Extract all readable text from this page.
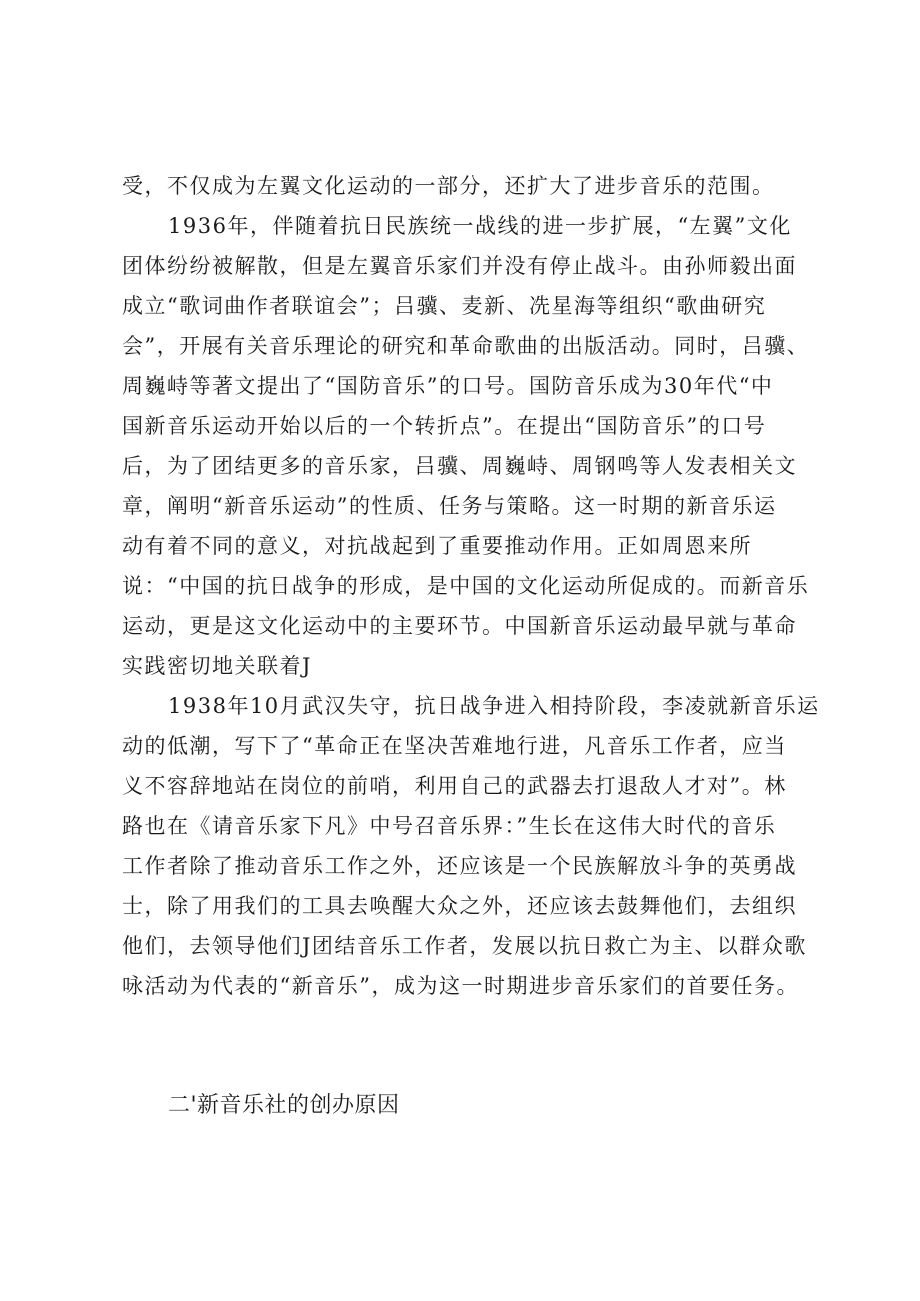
受，不仅成为左翼文化运动的一部分，还扩大了进步音乐的范围。
1936年，伴随着抗日民族统一战线的进一步扩展，“左翼”文化
团体纷纷被解散，但是左翼音乐家们并没有停止战斗。由孙师毅出面
成立“歌词曲作者联谊会”；吕骥、麦新、冼星海等组织“歌曲研究
会”，开展有关音乐理论的研究和革命歌曲的出版活动。同时，吕骥、
周巍峙等著文提出了“国防音乐”的口号。国防音乐成为30年代“中
国新音乐运动开始以后的一个转折点”。在提出“国防音乐”的口号
后，为了团结更多的音乐家，吕骥、周巍峙、周钢鸣等人发表相关文
章，阐明“新音乐运动”的性质、任务与策略。这一时期的新音乐运
动有着不同的意义，对抗战起到了重要推动作用。正如周恩来所
说：“中国的抗日战争的形成，是中国的文化运动所促成的。而新音乐
运动，更是这文化运动中的主要环节。中国新音乐运动最早就与革命
实践密切地关联着J
1938年10月武汉失守，抗日战争进入相持阶段，李凌就新音乐运
动的低潮，写下了“革命正在坚决苦难地行进，凡音乐工作者，应当
义不容辞地站在岗位的前哨，利用自己的武器去打退敌人才对”。林
路也在《请音乐家下凡》中号召音乐界：”生长在这伟大时代的音乐
工作者除了推动音乐工作之外，还应该是一个民族解放斗争的英勇战
士，除了用我们的工具去唤醒大众之外，还应该去鼓舞他们，去组织
他们，去领导他们J团结音乐工作者，发展以抗日救亡为主、以群众歌
咏活动为代表的“新音乐”，成为这一时期进步音乐家们的首要任务。
二'新音乐社的创办原因
